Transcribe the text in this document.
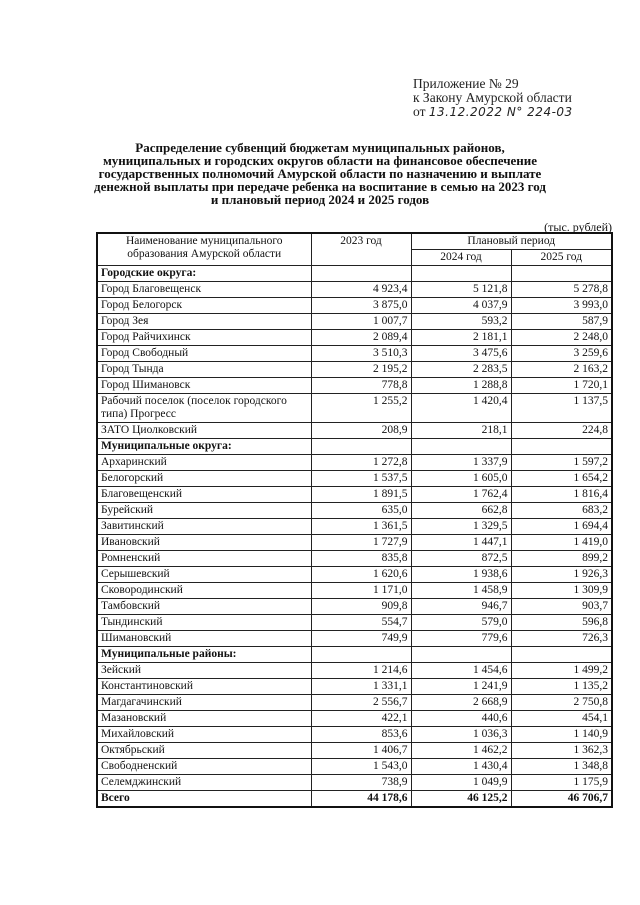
Приложение № 29
к Закону Амурской области
от 13.12.2022 N° 224-03
Распределение субвенций бюджетам муниципальных районов, муниципальных и городских округов области на финансовое обеспечение государственных полномочий Амурской области по назначению и выплате денежной выплаты при передаче ребенка на воспитание в семью на 2023 год и плановый период 2024 и 2025 годов
(тыс. рублей)
Наименование муниципального образования Амурской области	2023 год	Плановый период	
		2024 год	2025 год
Городские округа:			
Город Благовещенск	4 923,4	5 121,8	5 278,8
Город Белогорск	3 875,0	4 037,9	3 993,0
Город Зея	1 007,7	593,2	587,9
Город Райчихинск	2 089,4	2 181,1	2 248,0
Город Свободный	3 510,3	3 475,6	3 259,6
Город Тында	2 195,2	2 283,5	2 163,2
Город Шимановск	778,8	1 288,8	1 720,1
Рабочий поселок (поселок городского типа) Прогресс	1 255,2	1 420,4	1 137,5
ЗАТО Циолковский	208,9	218,1	224,8
Муниципальные округа:			
Архаринский	1 272,8	1 337,9	1 597,2
Белогорский	1 537,5	1 605,0	1 654,2
Благовещенский	1 891,5	1 762,4	1 816,4
Бурейский	635,0	662,8	683,2
Завитинский	1 361,5	1 329,5	1 694,4
Ивановский	1 727,9	1 447,1	1 419,0
Ромненский	835,8	872,5	899,2
Серышевский	1 620,6	1 938,6	1 926,3
Сковородинский	1 171,0	1 458,9	1 309,9
Тамбовский	909,8	946,7	903,7
Тындинский	554,7	579,0	596,8
Шимановский	749,9	779,6	726,3
Муниципальные районы:			
Зейский	1 214,6	1 454,6	1 499,2
Константиновский	1 331,1	1 241,9	1 135,2
Магдагачинский	2 556,7	2 668,9	2 750,8
Мазановский	422,1	440,6	454,1
Михайловский	853,6	1 036,3	1 140,9
Октябрьский	1 406,7	1 462,2	1 362,3
Свободненский	1 543,0	1 430,4	1 348,8
Селемджинский	738,9	1 049,9	1 175,9
Всего	44 178,6	46 125,2	46 706,7
